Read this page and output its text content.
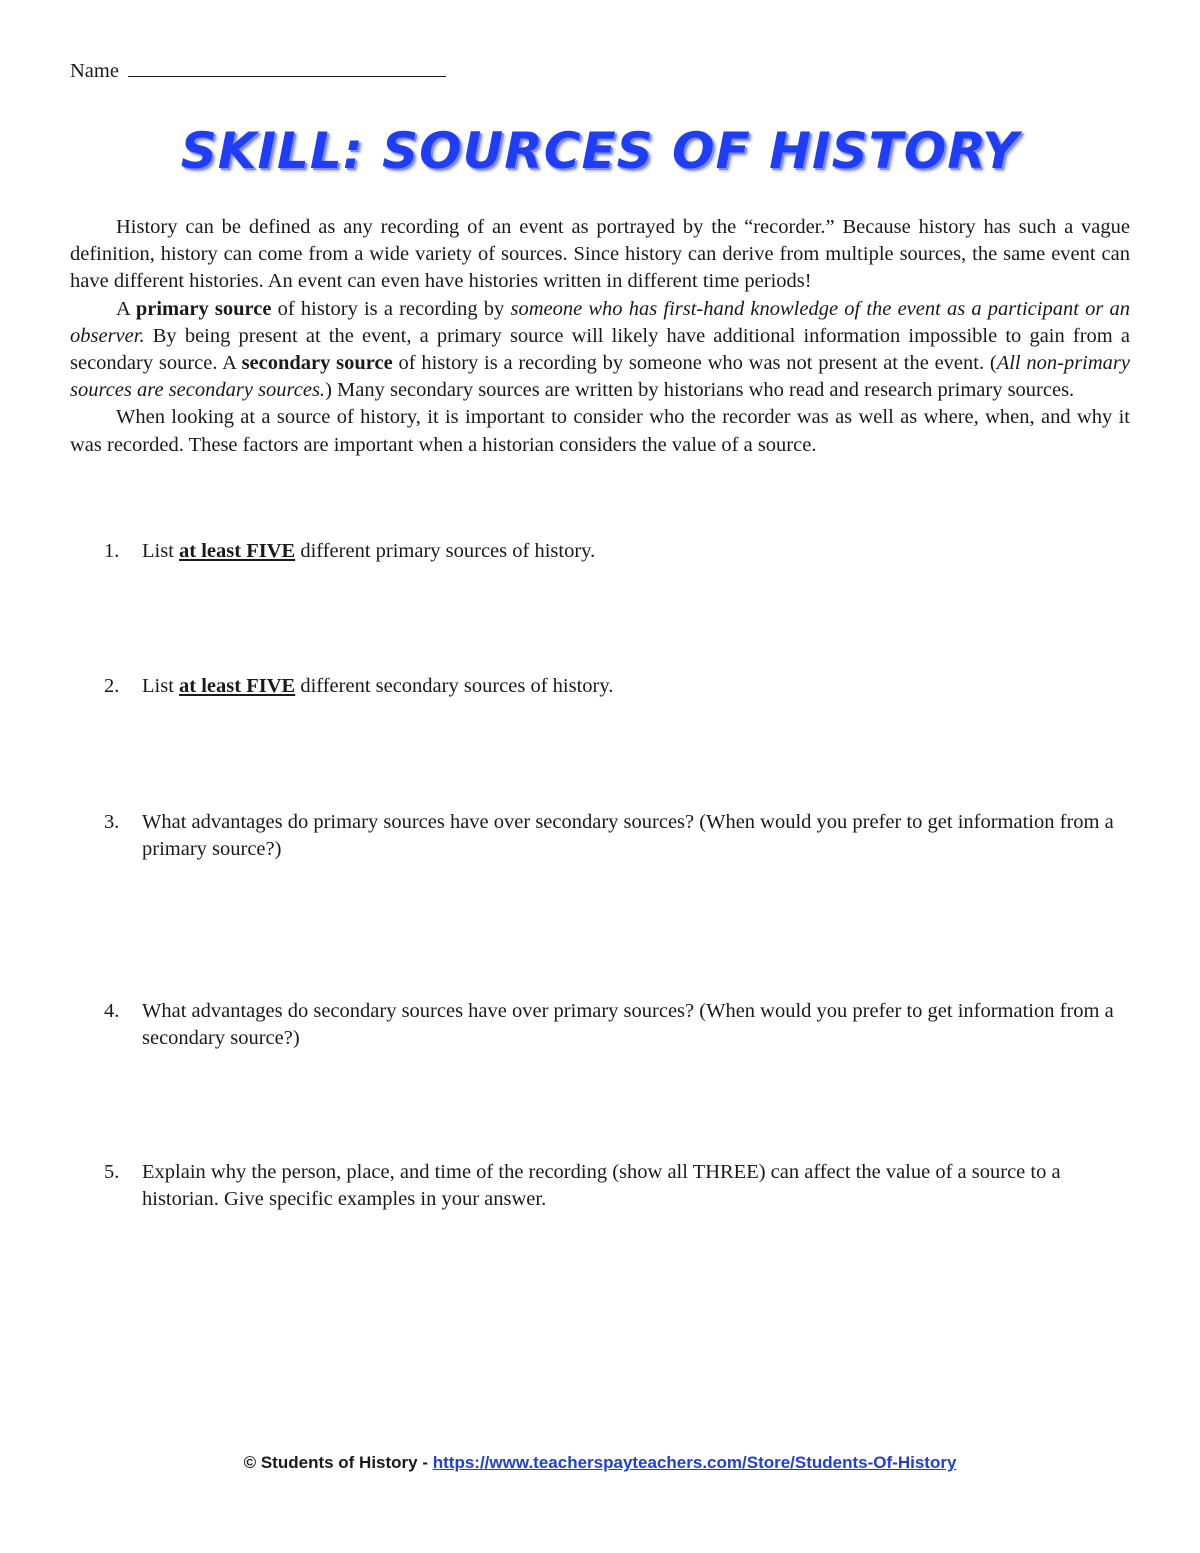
Name
SKILL: SOURCES OF HISTORY

History can be defined as any recording of an event as portrayed by the “recorder.” Because history has such a vague definition, history can come from a wide variety of sources. Since history can derive from multiple sources, the same event can have different histories. An event can even have histories written in different time periods!

A primary source of history is a recording by someone who has first-hand knowledge of the event as a participant or an observer. By being present at the event, a primary source will likely have additional information impossible to gain from a secondary source. A secondary source of history is a recording by someone who was not present at the event. (All non-primary sources are secondary sources.) Many secondary sources are written by historians who read and research primary sources.

When looking at a source of history, it is important to consider who the recorder was as well as where, when, and why it was recorded. These factors are important when a historian considers the value of a source.

1.	List at least FIVE different primary sources of history.
2.	List at least FIVE different secondary sources of history.
3.	What advantages do primary sources have over secondary sources? (When would you prefer to get information from a primary source?)
4.	What advantages do secondary sources have over primary sources? (When would you prefer to get information from a secondary source?)
5.	Explain why the person, place, and time of the recording (show all THREE) can affect the value of a source to a historian. Give specific examples in your answer.
© Students of History - https://www.teacherspayteachers.com/Store/Students-Of-History
